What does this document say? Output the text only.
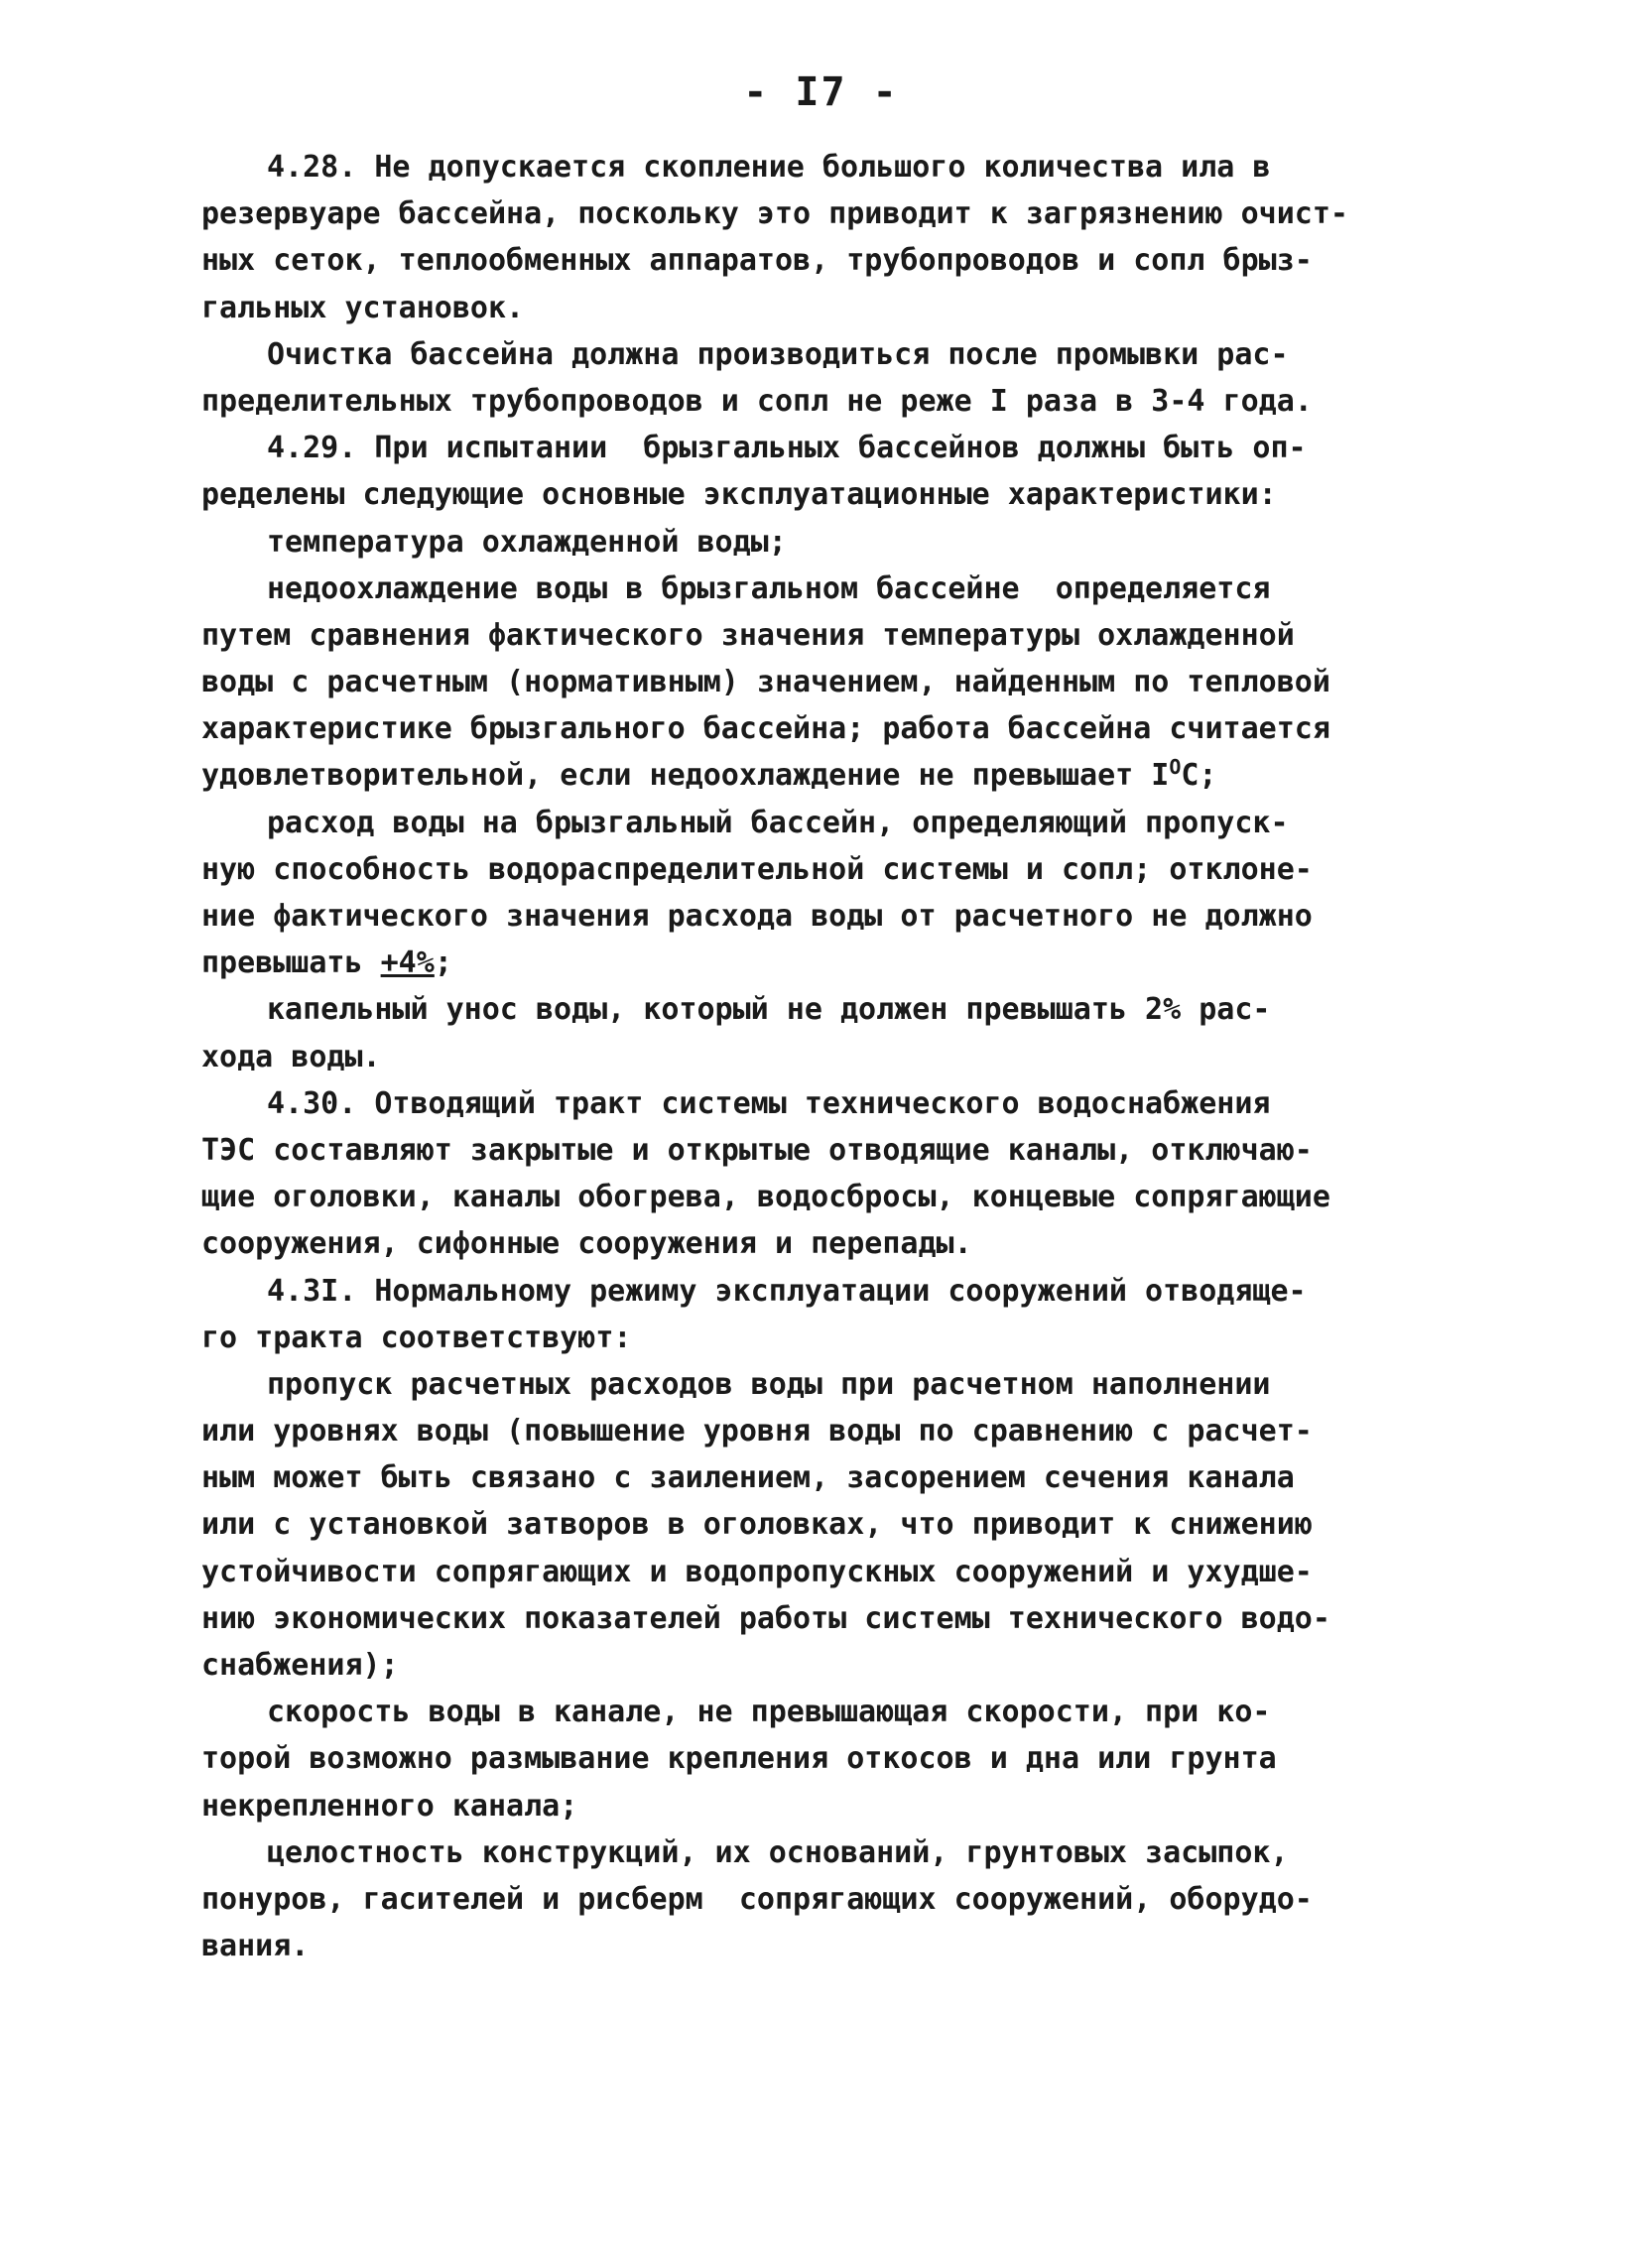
- I7 -
4.28. Не допускается скопление большого количества ила в
резервуаре бассейна, поскольку это приводит к загрязнению очист-
ных сеток, теплообменных аппаратов, трубопроводов и сопл брыз-
гальных установок.
Очистка бассейна должна производиться после промывки рас-
пределительных трубопроводов и сопл не реже I раза в 3-4 года.
4.29. При испытании  брызгальных бассейнов должны быть оп-
ределены следующие основные эксплуатационные характеристики:
температура охлажденной воды;
недоохлаждение воды в брызгальном бассейне  определяется
путем сравнения фактического значения температуры охлажденной
воды с расчетным (нормативным) значением, найденным по тепловой
характеристике брызгального бассейна; работа бассейна считается
удовлетворительной, если недоохлаждение не превышает $I^OC$;
расход воды на брызгальный бассейн, определяющий пропуск-
ную способность водораспределительной системы и сопл; отклоне-
ние фактического значения расхода воды от расчетного не должно
превышать +4%;
капельный унос воды, который не должен превышать 2% рас-
хода воды.
4.30. Отводящий тракт системы технического водоснабжения
ТЭС составляют закрытые и открытые отводящие каналы, отключаю-
щие оголовки, каналы обогрева, водосбросы, концевые сопрягающие
сооружения, сифонные сооружения и перепады.
4.3I. Нормальному режиму эксплуатации сооружений отводяще-
го тракта соответствуют:
пропуск расчетных расходов воды при расчетном наполнении
или уровнях воды (повышение уровня воды по сравнению с расчет-
ным может быть связано с заилением, засорением сечения канала
или с установкой затворов в оголовках, что приводит к снижению
устойчивости сопрягающих и водопропускных сооружений и ухудше-
нию экономических показателей работы системы технического водо-
снабжения);
скорость воды в канале, не превышающая скорости, при ко-
торой возможно размывание крепления откосов и дна или грунта
некрепленного канала;
целостность конструкций, их оснований, грунтовых засыпок,
понуров, гасителей и рисберм  сопрягающих сооружений, оборудо-
вания.
